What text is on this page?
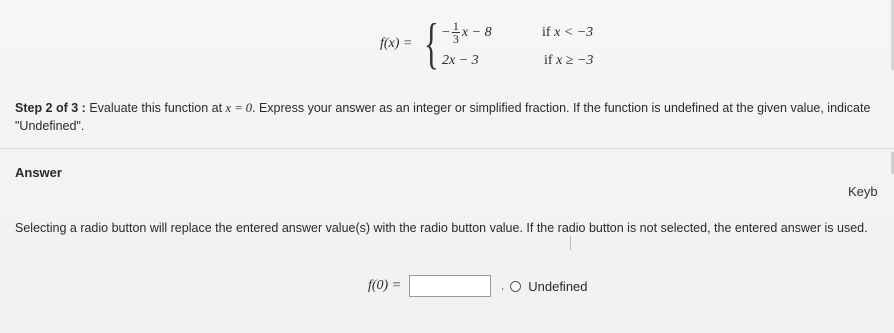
f(x) = { − $\frac{1}{3}$ x − 8	if x < −3
2x − 3	if x ≥ −3
Step 2 of 3 : Evaluate this function at x = 0. Express your answer as an integer or simplified fraction. If the function is undefined at the given value, indicate
"Undefined".
Answer
Keyb
Selecting a radio button will replace the entered answer value(s) with the radio button value. If the radio button is not selected, the entered answer is used.
f(0) =	, Undefined
